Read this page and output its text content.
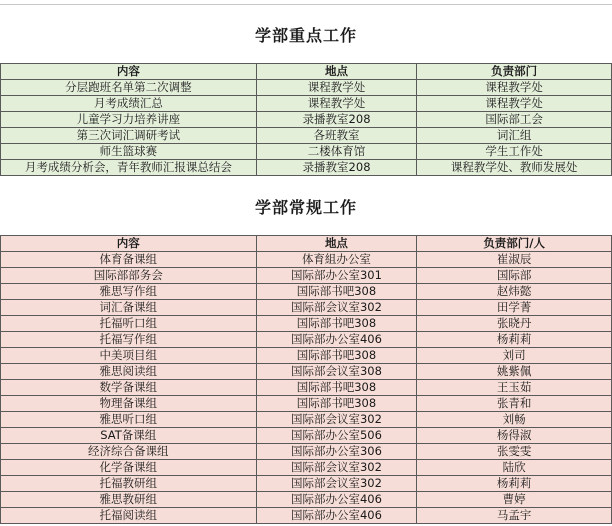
学部重点工作
内容	地点	负责部门
分层跑班名单第二次调整	课程教学处	课程教学处
月考成绩汇总	课程教学处	课程教学处
儿童学习力培养讲座	录播教室208	国际部工会
第三次词汇调研考试	各班教室	词汇组
师生篮球赛	二楼体育馆	学生工作处
月考成绩分析会，青年教师汇报课总结会	录播教室208	课程教学处、教师发展处
学部常规工作
内容	地点	负责部门/人
体育备课组	体育組办公室	崔淑辰
国际部部务会	国际部办公室301	国际部
雅思写作组	国际部书吧308	赵炜懿
词汇备课组	国际部会议室302	田学菁
托福听口组	国际部书吧308	张晓丹
托福写作组	国际部办公室406	杨莉莉
中美项目组	国际部书吧308	刘司
雅思阅读组	国际部会议室308	姚紫佩
数学备课组	国际部书吧308	王玉茹
物理备课组	国际部书吧308	张青和
雅思听口组	国际部会议室302	刘畅
SAT备课组	国际部办公室506	杨得淑
经济综合备课组	国际部办公室306	张雯雯
化学备课组	国际部会议室302	陆欣
托福教研组	国际部会议室302	杨莉莉
雅思教研组	国际部办公室406	曹婷
托福阅读组	国际部办公室406	马孟宇
